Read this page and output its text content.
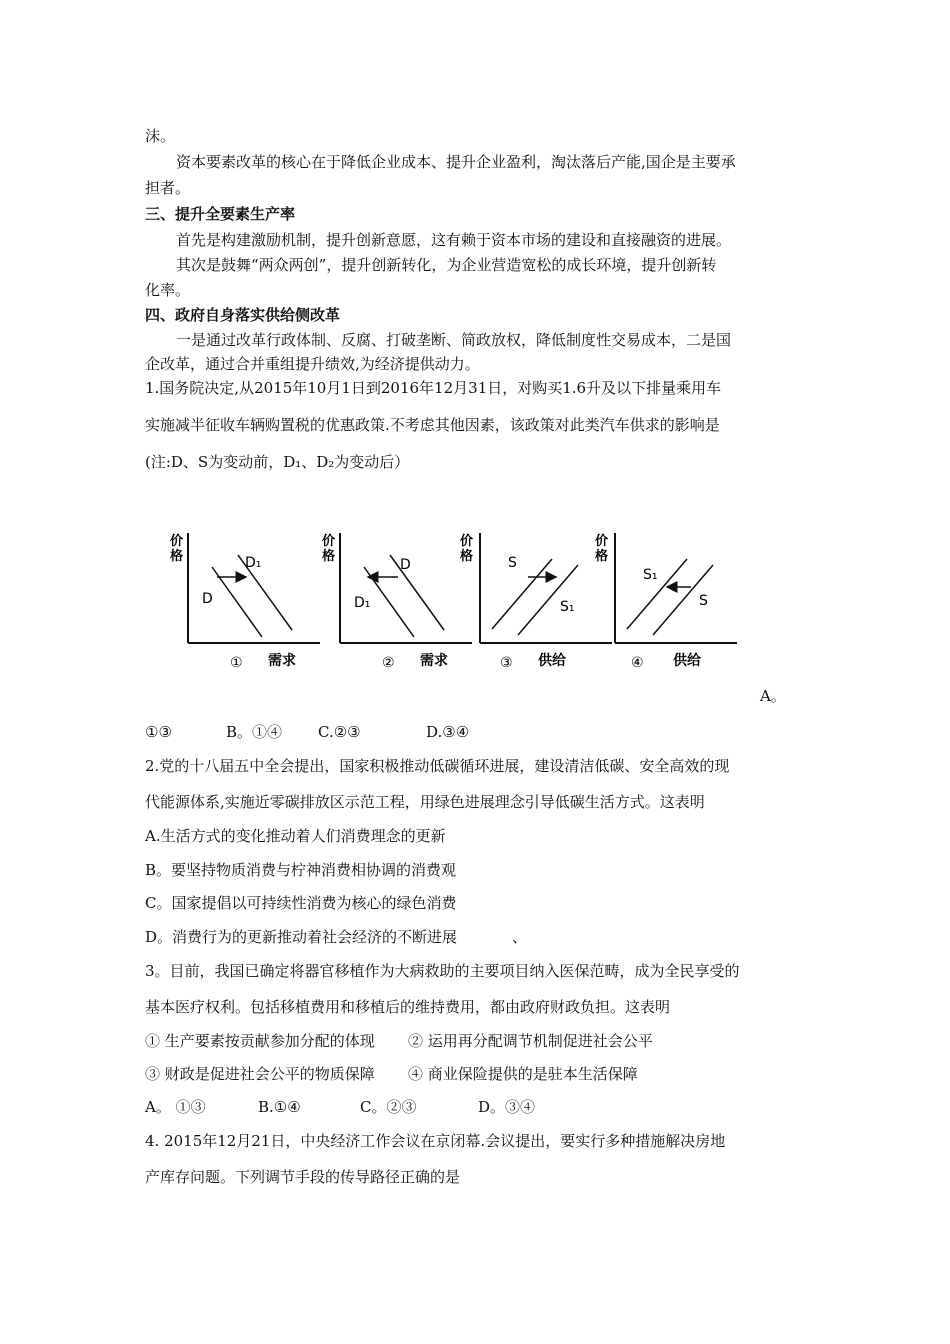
沫。
资本要素改革的核心在于降低企业成本、提升企业盈利，淘汰落后产能,国企是主要承
担者。
三、提升全要素生产率
首先是构建激励机制，提升创新意愿，这有赖于资本市场的建设和直接融资的进展。
其次是鼓舞“两众两创”，提升创新转化，为企业营造宽松的成长环境，提升创新转
化率。
四、政府自身落实供给侧改革
一是通过改革行政体制、反腐、打破垄断、简政放权，降低制度性交易成本，二是国
企改革，通过合并重组提升绩效,为经济提供动力。
1.国务院决定,从2015年10月1日到2016年12月31日，对购买1.6升及以下排量乘用车
实施减半征收车辆购置税的优惠政策.不考虑其他因素，该政策对此类汽车供求的影响是
(注:D、S为变动前，D₁、D₂为变动后）
价格
D
D₁
① 需求
价格
D₁
D
② 需求
价格 S
S₁
③ 供给
价格
S₁
S
④ 供给
A。
①③	B。①④ C.②③	D.③④
2.党的十八届五中全会提出，国家积极推动低碳循环进展，建设清洁低碳、安全高效的现
代能源体系,实施近零碳排放区示范工程，用绿色进展理念引导低碳生活方式。这表明
A.生活方式的变化推动着人们消费理念的更新
B。要坚持物质消费与柠神消费相协调的消费观
C。国家提倡以可持续性消费为核心的绿色消费
D。消费行为的更新推动着社会经济的不断进展	、
3。目前，我国已确定将器官移植作为大病救助的主要项目纳入医保范畴，成为全民享受的
基本医疗权利。包括移植费用和移植后的维持费用，都由政府财政负担。这表明
① 生产要素按贡献参加分配的体现 ② 运用再分配调节机制促进社会公平
③ 财政是促进社会公平的物质保障 ④ 商业保险提供的是驻本生活保障
A。 ①③	B.①④	C。②③	D。③④
4. 2015年12月21日，中央经济工作会议在京闭幕.会议提出，要实行多种措施解决房地
产库存问题。下列调节手段的传导路径正确的是
